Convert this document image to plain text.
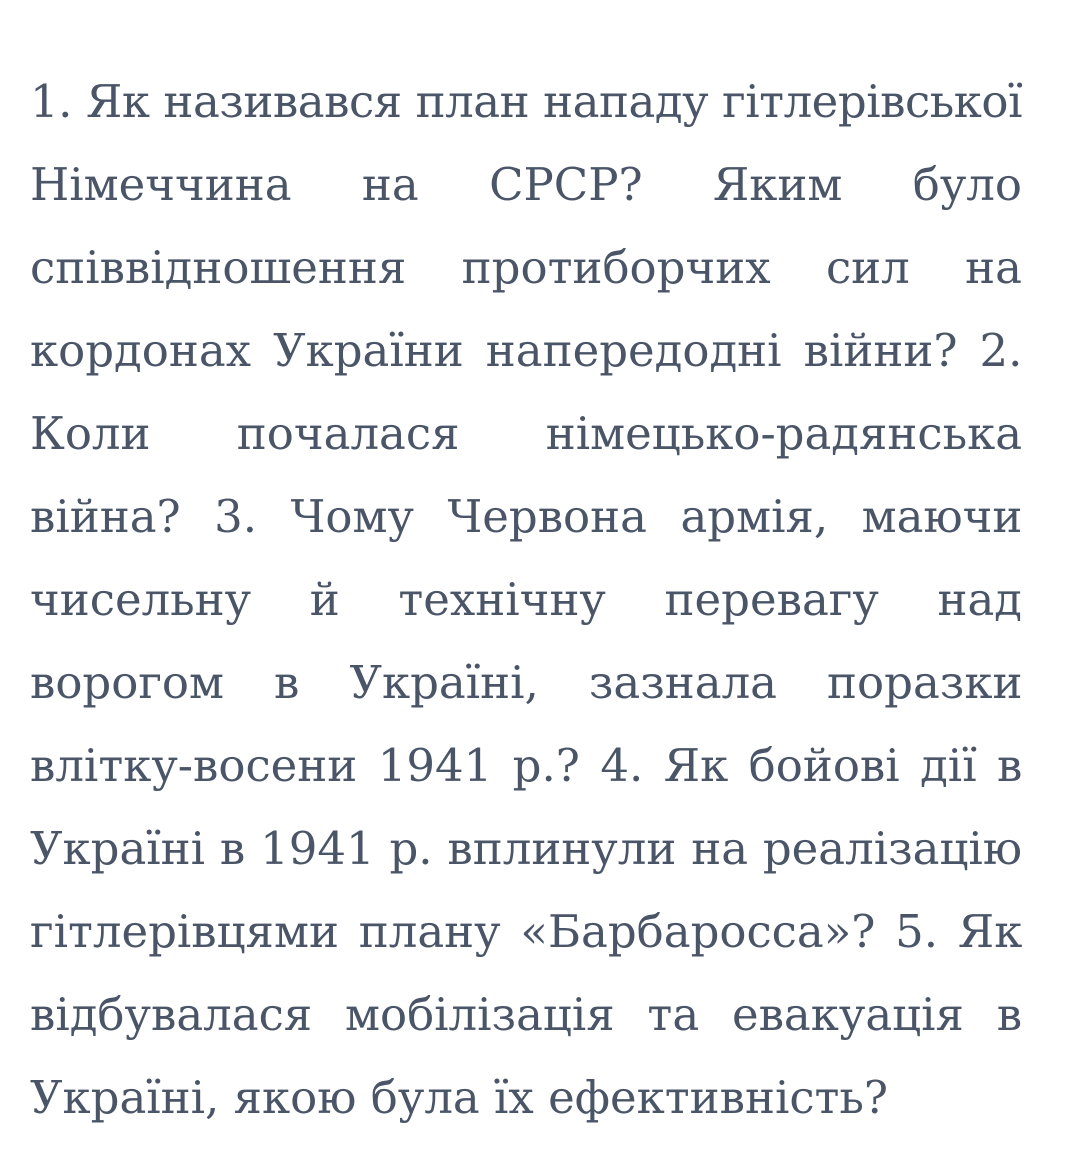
1. Як називався план нападу гітлерівської
Німеччина на СРСР? Яким було
співвідношення протиборчих сил на
кордонах України напередодні війни? 2.
Коли почалася німецько-радянська
війна? 3. Чому Червона армія, маючи
чисельну й технічну перевагу над
ворогом в Україні, зазнала поразки
влітку-восени 1941 р.? 4. Як бойові дії в
Україні в 1941 р. вплинули на реалізацію
гітлерівцями плану «Барбаросса»? 5. Як
відбувалася мобілізація та евакуація в
Україні, якою була їх ефективність?
